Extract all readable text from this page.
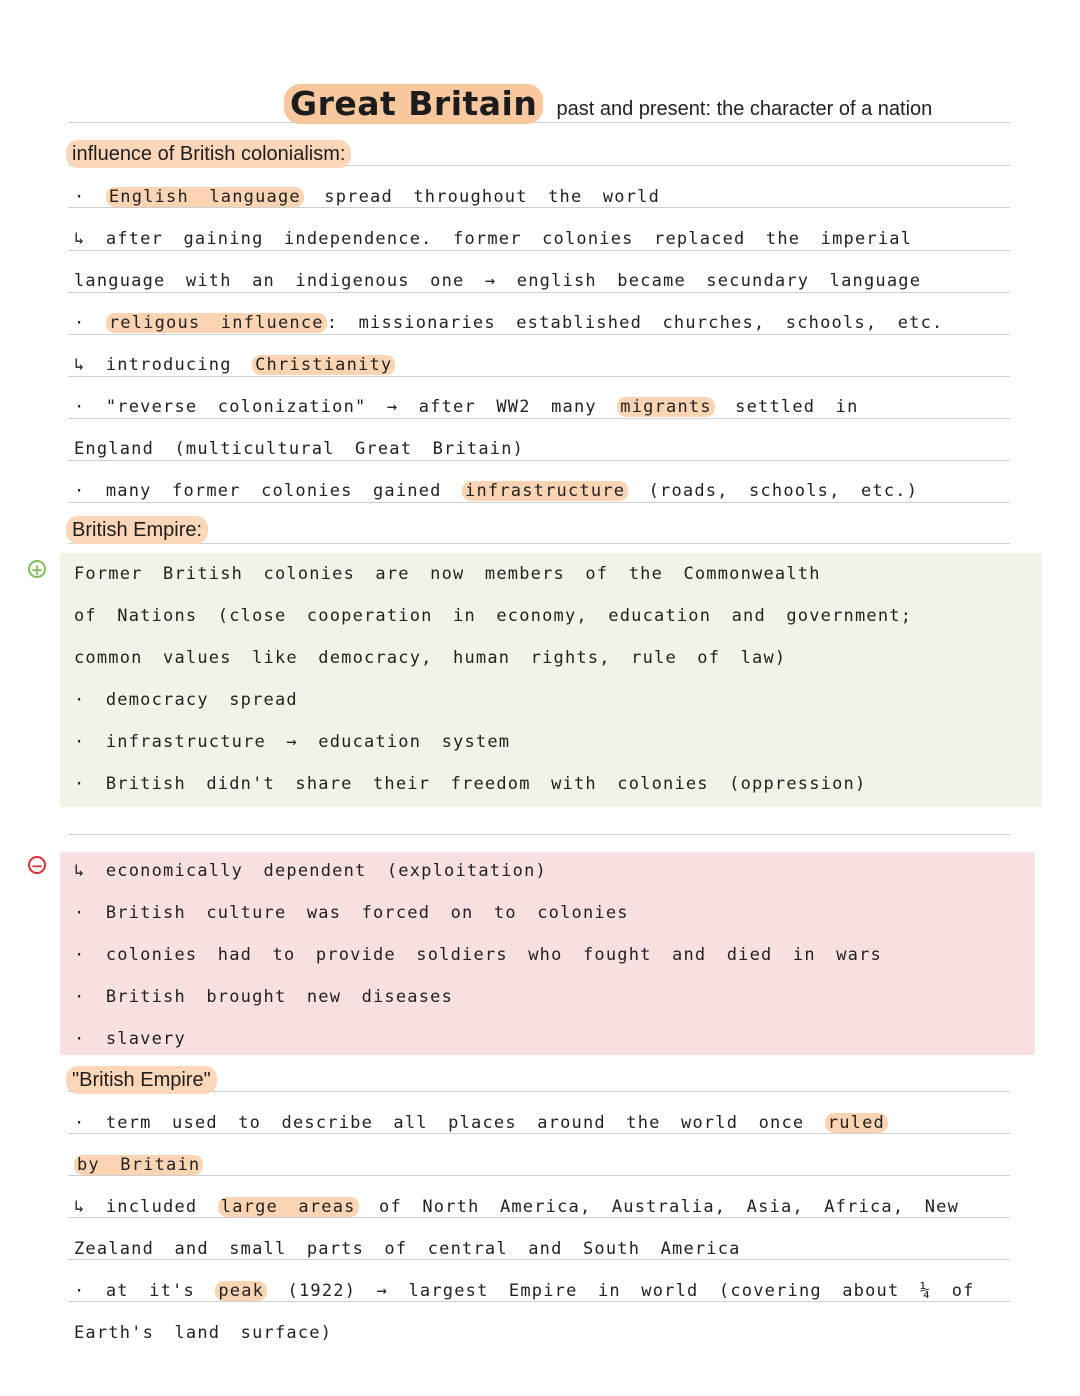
Great Britain past and present: the character of a nation
influence of British colonialism:
· English language spread throughout the world
↳ after gaining independence. former colonies replaced the imperial
language with an indigenous one → english became secundary language
· religous influence : missionaries established churches, schools, etc.
↳ introducing Christianity
· "reverse colonization" → after WW2 many migrants settled in
England (multicultural Great Britain)
· many former colonies gained infrastructure (roads, schools, etc.)
British Empire:
+ Former British colonies are now members of the Commonwealth
of Nations (close cooperation in economy, education and government;
common values like democracy, human rights, rule of law)
· democracy spread
· infrastructure → education system
· British didn't share their freedom with colonies (oppression)
− ↳ economically dependent (exploitation)
· British culture was forced on to colonies
· colonies had to provide soldiers who fought and died in wars
· British brought new diseases
· slavery
"British Empire"
· term used to describe all places around the world once ruled
by Britain
↳ included large areas of North America, Australia, Asia, Africa, New
Zealand and small parts of central and South America
· at it's peak (1922) → largest Empire in world (covering about ¼ of
Earth's land surface)
